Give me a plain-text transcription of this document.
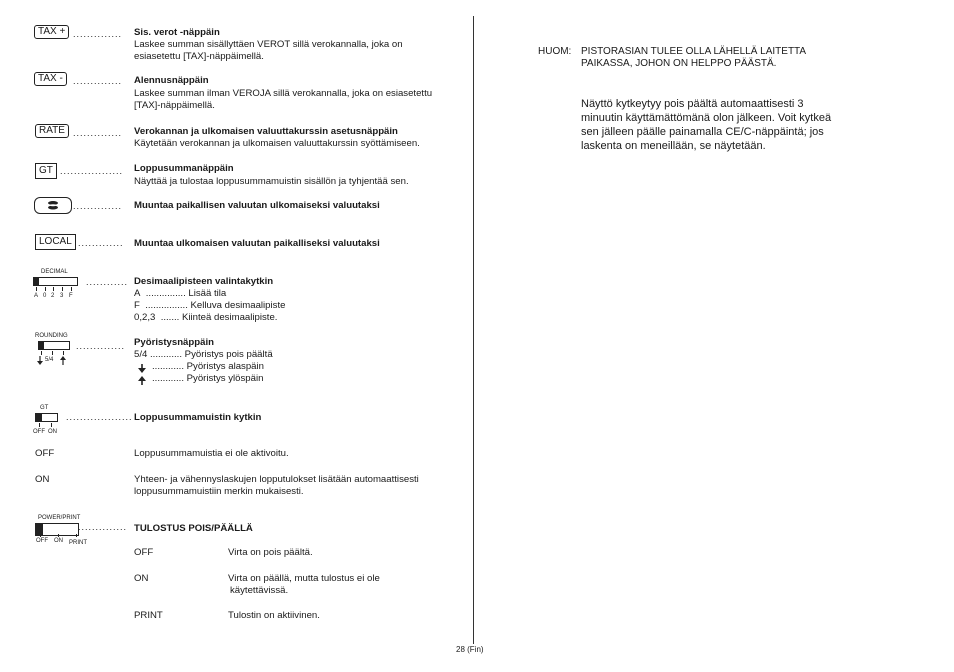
TAX + .............. Sis. verot -näppäin
Laskee summan sisällyttäen VEROT sillä verokannalla, joka on
esiasetettu [TAX]-näppäimellä.
TAX -	.............. Alennusnäppäin
Laskee summan ilman VEROJA sillä verokannalla, joka on esiasetettu
[TAX]-näppäimellä.
RATE .............. Verokannan ja ulkomaisen valuuttakurssin asetusnäppäin
Käytetään verokannan ja ulkomaisen valuuttakurssin syöttämiseen.
GT .................. Loppusummanäppäin
Näyttää ja tulostaa loppusummamuistin sisällön ja tyhjentää sen.
.............. Muuntaa paikallisen valuutan ulkomaiseksi valuutaksi
LOCAL ............. Muuntaa ulkomaisen valuutan paikalliseksi valuutaksi
DECIMAL
A 0 2 3 F
............ Desimaalipisteen valintakytkin
A ............... Lisää tila
F ................ Kelluva desimaalipiste
0,2,3 ....... Kiinteä desimaalipiste.
ROUNDING
5/4
.............. Pyöristysnäppäin
5/4 ............ Pyöristys pois päältä
............ Pyöristys alaspäin
............ Pyöristys ylöspäin
GT
OFF ON
................... Loppusummamuistin kytkin
OFF	Loppusummamuistia ei ole aktivoitu.
ON	Yhteen- ja vähennyslaskujen lopputulokset lisätään automaattisesti
loppusummamuistiin merkin mukaisesti.
POWER/PRINT
OFF ON PRINT
.............. TULOSTUS POIS/PÄÄLLÄ
OFF	Virta on pois päältä.
ON	Virta on päällä, mutta tulostus ei ole
käytettävissä.
PRINT	Tulostin on aktiivinen.
HUOM: PISTORASIAN TULEE OLLA LÄHELLÄ LAITETTA
PAIKASSA, JOHON ON HELPPO PÄÄSTÄ.
Näyttö kytkeytyy pois päältä automaattisesti 3
minuutin käyttämättömänä olon jälkeen. Voit kytkeä
sen jälleen päälle painamalla CE/C-näppäintä; jos
laskenta on meneillään, se näytetään.
28 (Fin)
